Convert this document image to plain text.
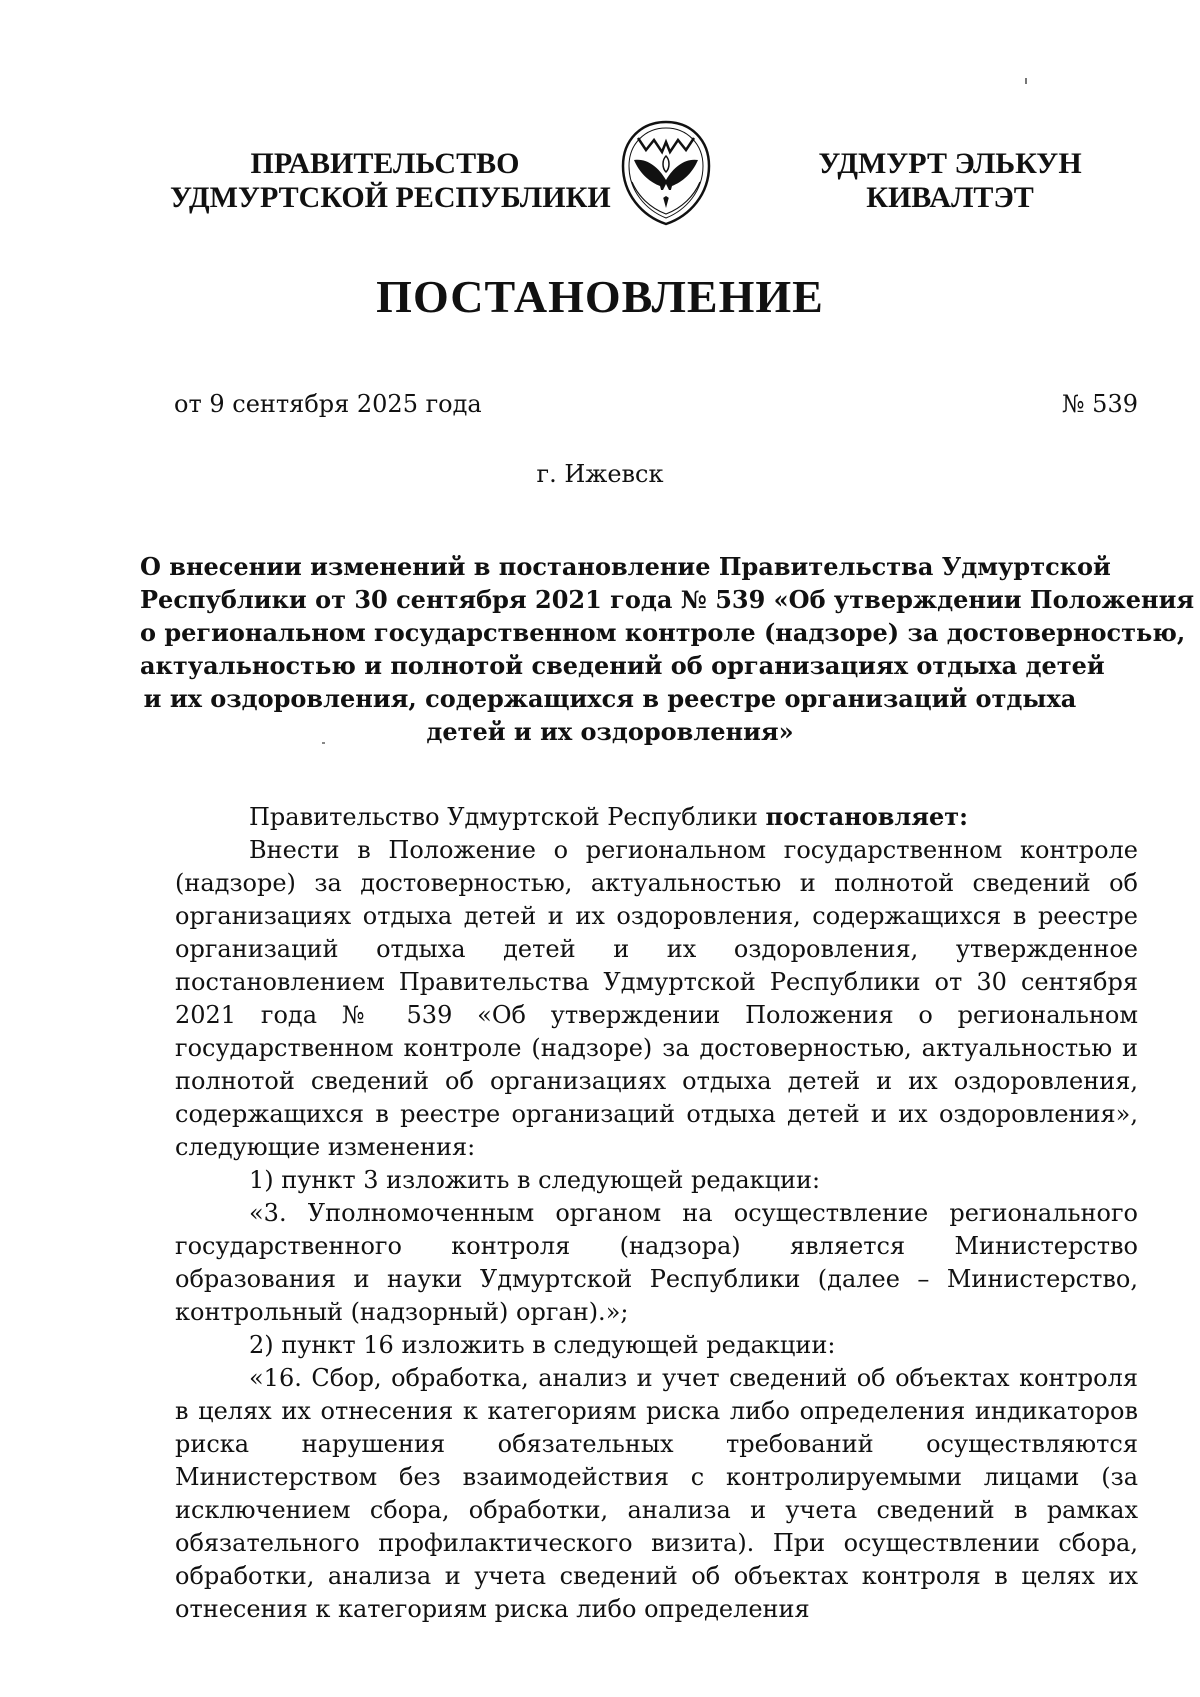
ПРАВИТЕЛЬСТВО
УДМУРТСКОЙ РЕСПУБЛИКИ
УДМУРТ ЭЛЬКУН
КИВАЛТЭТ
ПОСТАНОВЛЕНИЕ
от 9 сентября 2025 года	№ 539
г. Ижевск
О внесении изменений в постановление Правительства Удмуртской
Республики от 30 сентября 2021 года № 539 «Об утверждении Положения
о региональном государственном контроле (надзоре) за достоверностью,
актуальностью и полнотой сведений об организациях отдыха детей
и их оздоровления, содержащихся в реестре организаций отдыха
детей и их оздоровления»

Правительство Удмуртской Республики постановляет:

Внести в Положение о региональном государственном контроле (надзоре) за достоверностью, актуальностью и полнотой сведений об организациях отдыха детей и их оздоровления, содержащихся в реестре организаций отдыха детей и их оздоровления, утвержденное постановлением Правительства Удмуртской Республики от 30 сентября 2021 года № 539 «Об утверждении Положения о региональном государственном контроле (надзоре) за достоверностью, актуальностью и полнотой сведений об организациях отдыха детей и их оздоровления, содержащихся в реестре организаций отдыха детей и их оздоровления», следующие изменения:

1) пункт 3 изложить в следующей редакции:

«3. Уполномоченным органом на осуществление регионального государственного контроля (надзора) является Министерство образования и науки Удмуртской Республики (далее – Министерство, контрольный (надзорный) орган).»;

2) пункт 16 изложить в следующей редакции:

«16. Сбор, обработка, анализ и учет сведений об объектах контроля в целях их отнесения к категориям риска либо определения индикаторов риска нарушения обязательных требований осуществляются Министерством без взаимодействия с контролируемыми лицами (за исключением сбора, обработки, анализа и учета сведений в рамках обязательного профилактического визита). При осуществлении сбора, обработки, анализа и учета сведений об объектах контроля в целях их отнесения к категориям риска либо определения
